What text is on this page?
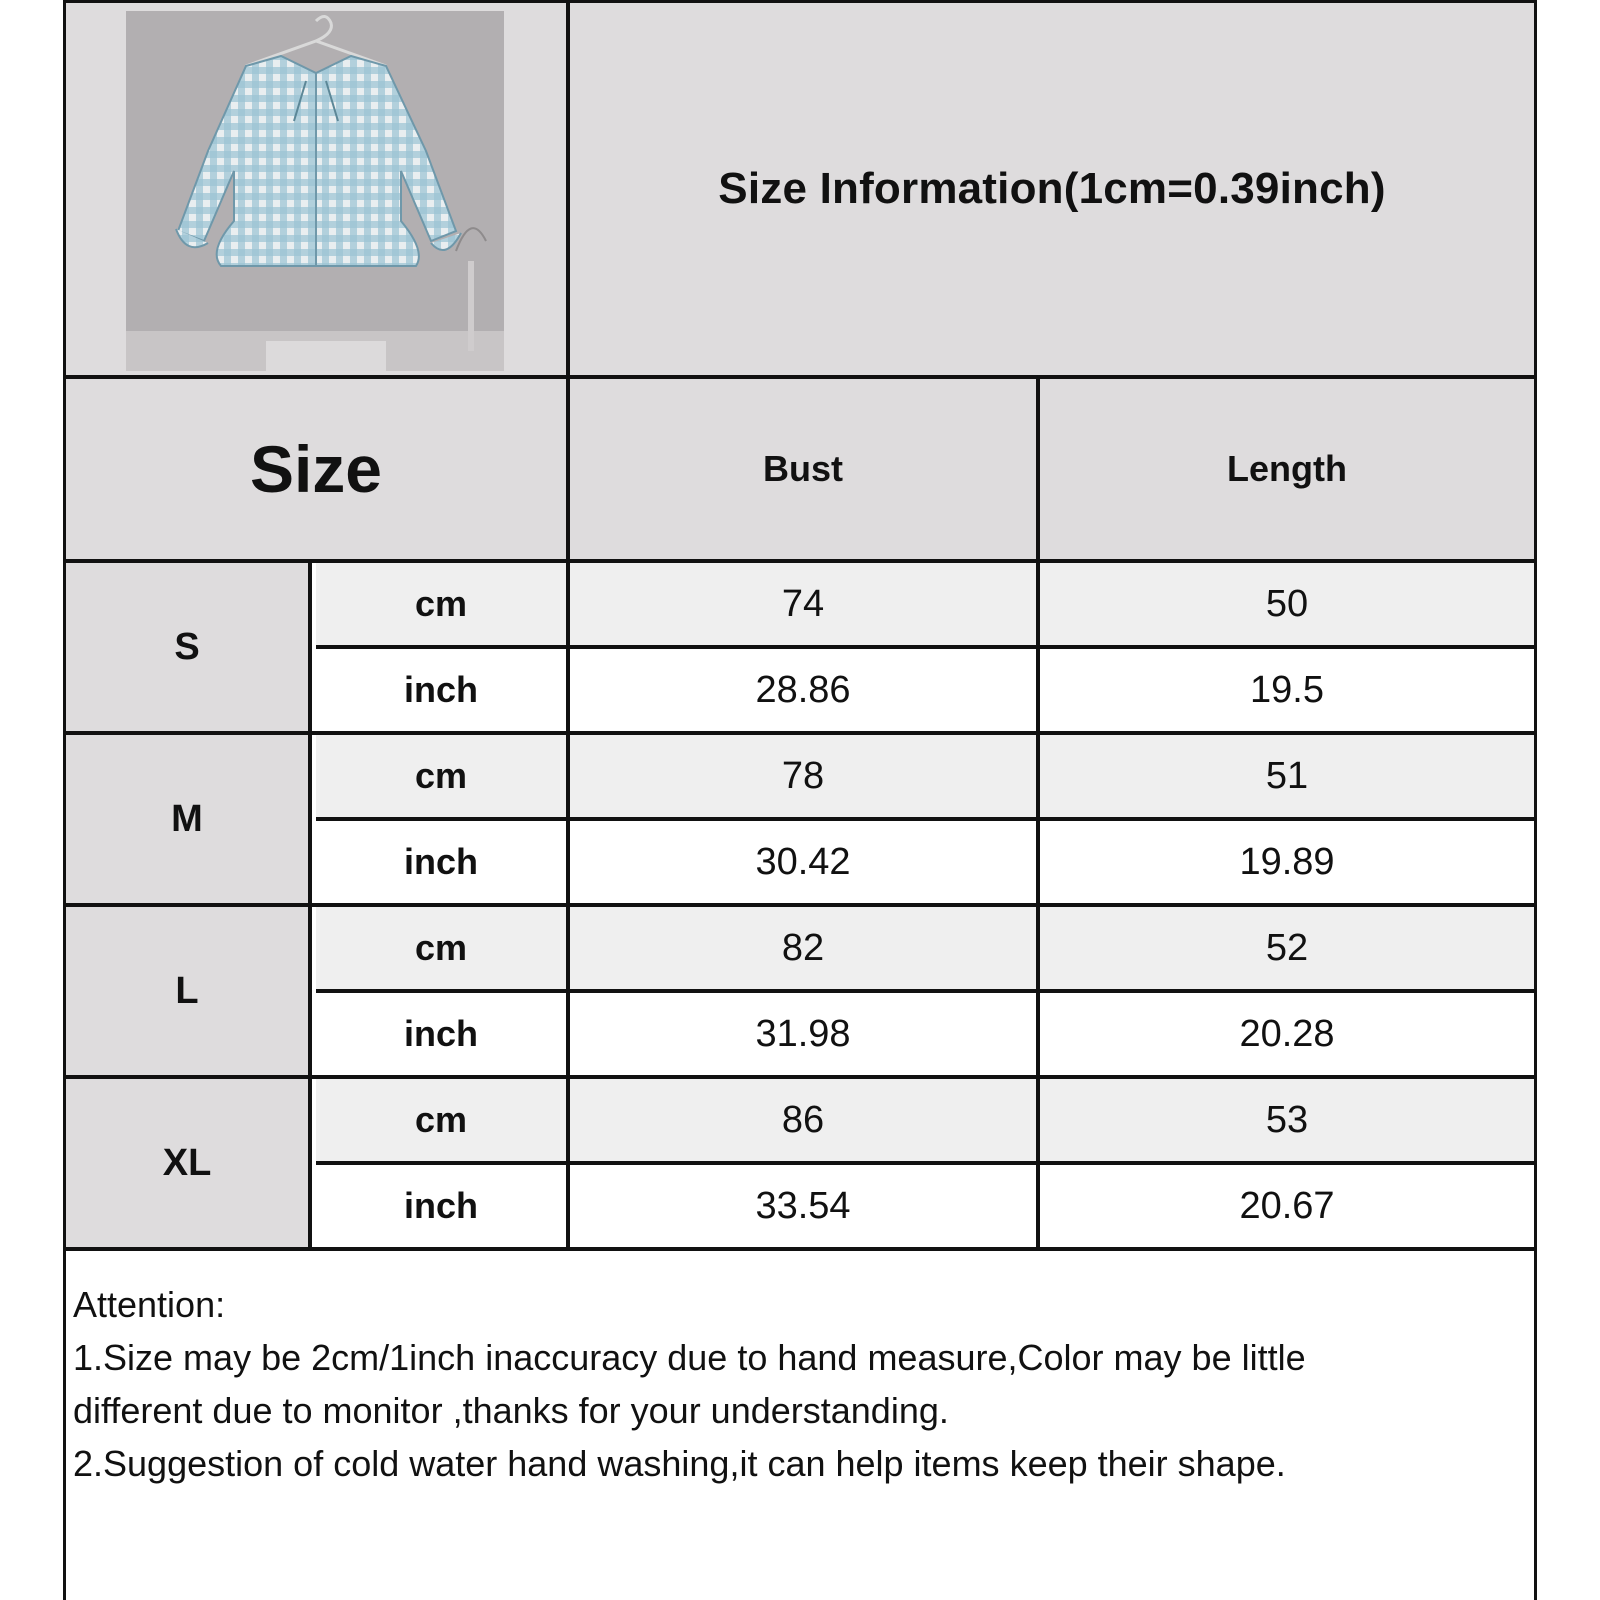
Size Information(1cm=0.39inch)
Size	Bust	Length
S
cm	74	50
inch	28.86	19.5
M
cm	78	51
inch	30.42	19.89
L
cm	82	52
inch	31.98	20.28
XL
cm	86	53
inch	33.54	20.67
Attention:
1.Size may be 2cm/1inch inaccuracy due to hand measure,Color may be little
different due to monitor ,thanks for your understanding.
2.Suggestion of cold water hand washing,it can help items keep their shape.
